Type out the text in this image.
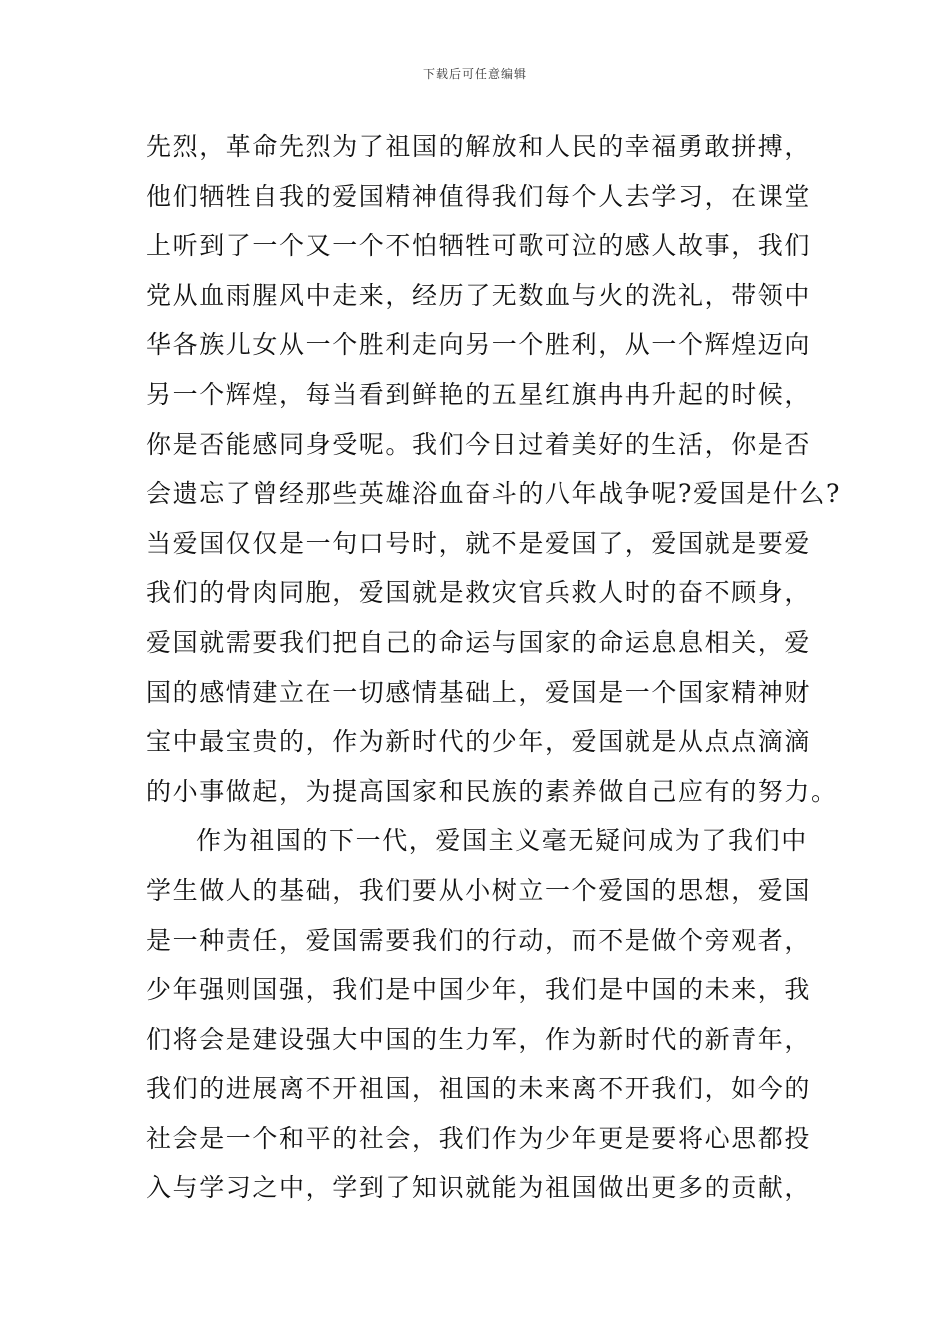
下载后可任意编辑
先烈，革命先烈为了祖国的解放和人民的幸福勇敢拼搏，
他们牺牲自我的爱国精神值得我们每个人去学习，在课堂
上听到了一个又一个不怕牺牲可歌可泣的感人故事，我们
党从血雨腥风中走来，经历了无数血与火的洗礼，带领中
华各族儿女从一个胜利走向另一个胜利，从一个辉煌迈向
另一个辉煌，每当看到鲜艳的五星红旗冉冉升起的时候，
你是否能感同身受呢。我们今日过着美好的生活，你是否
会遗忘了曾经那些英雄浴血奋斗的八年战争呢?爱国是什么?
当爱国仅仅是一句口号时，就不是爱国了，爱国就是要爱
我们的骨肉同胞，爱国就是救灾官兵救人时的奋不顾身，
爱国就需要我们把自己的命运与国家的命运息息相关，爱
国的感情建立在一切感情基础上，爱国是一个国家精神财
宝中最宝贵的，作为新时代的少年，爱国就是从点点滴滴
的小事做起，为提高国家和民族的素养做自己应有的努力。
作为祖国的下一代，爱国主义毫无疑问成为了我们中
学生做人的基础，我们要从小树立一个爱国的思想，爱国
是一种责任，爱国需要我们的行动，而不是做个旁观者，
少年强则国强，我们是中国少年，我们是中国的未来，我
们将会是建设强大中国的生力军，作为新时代的新青年，
我们的进展离不开祖国，祖国的未来离不开我们，如今的
社会是一个和平的社会，我们作为少年更是要将心思都投
入与学习之中，学到了知识就能为祖国做出更多的贡献，
